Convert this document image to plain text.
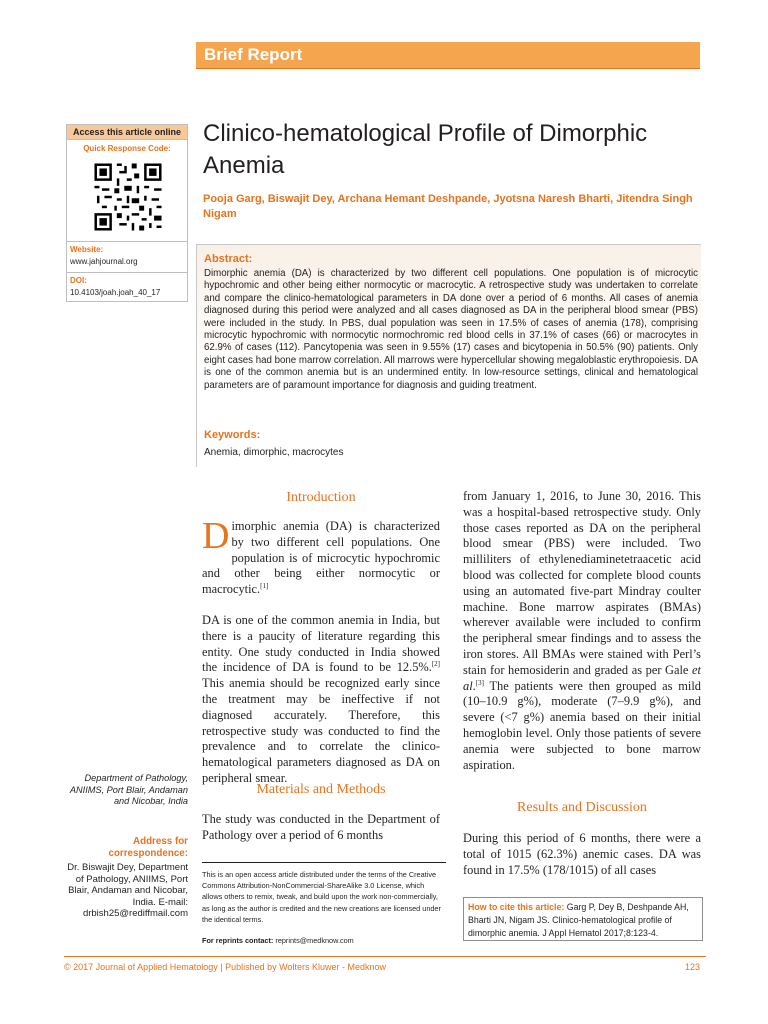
Brief Report
Access this article online
Quick Response Code:
Website:
www.jahjournal.org
DOI:
10.4103/joah.joah_40_17
Clinico-hematological Profile of Dimorphic Anemia
Pooja Garg, Biswajit Dey, Archana Hemant Deshpande, Jyotsna Naresh Bharti, Jitendra Singh Nigam
Abstract:
Dimorphic anemia (DA) is characterized by two different cell populations. One population is of microcytic hypochromic and other being either normocytic or macrocytic. A retrospective study was undertaken to correlate and compare the clinico-hematological parameters in DA done over a period of 6 months. All cases of anemia diagnosed during this period were analyzed and all cases diagnosed as DA in the peripheral blood smear (PBS) were included in the study. In PBS, dual population was seen in 17.5% of cases of anemia (178), comprising microcytic hypochromic with normocytic normochromic red blood cells in 37.1% of cases (66) or macrocytes in 62.9% of cases (112). Pancytopenia was seen in 9.55% (17) cases and bicytopenia in 50.5% (90) patients. Only eight cases had bone marrow correlation. All marrows were hypercellular showing megaloblastic erythropoiesis. DA is one of the common anemia but is an undermined entity. In low-resource settings, clinical and hematological parameters are of paramount importance for diagnosis and guiding treatment.
Keywords:
Anemia, dimorphic, macrocytes
Introduction

Dimorphic anemia (DA) is characterized by two different cell populations. One population is of microcytic hypochromic and other being either normocytic or macrocytic.[1]

DA is one of the common anemia in India, but there is a paucity of literature regarding this entity. One study conducted in India showed the incidence of DA is found to be 12.5%.[2] This anemia should be recognized early since the treatment may be ineffective if not diagnosed accurately. Therefore, this retrospective study was conducted to find the prevalence and to correlate the clinico-hematological parameters diagnosed as DA on peripheral smear.

Materials and Methods

The study was conducted in the Department of Pathology over a period of 6 months

from January 1, 2016, to June 30, 2016. This was a hospital-based retrospective study. Only those cases reported as DA on the peripheral blood smear (PBS) were included. Two milliliters of ethylenediaminetetraacetic acid blood was collected for complete blood counts using an automated five-part Mindray coulter machine. Bone marrow aspirates (BMAs) wherever available were included to confirm the peripheral smear findings and to assess the iron stores. All BMAs were stained with Perl’s stain for hemosiderin and graded as per Gale et al.[3] The patients were then grouped as mild (10–10.9 g%), moderate (7–9.9 g%), and severe (<7 g%) anemia based on their initial hemoglobin level. Only those patients of severe anemia were subjected to bone marrow aspiration.

Results and Discussion

During this period of 6 months, there were a total of 1015 (62.3%) anemic cases. DA was found in 17.5% (178/1015) of all cases

Department of Pathology, ANIIMS, Port Blair, Andaman and Nicobar, India
Address for correspondence:
Dr. Biswajit Dey, Department of Pathology, ANIIMS, Port Blair, Andaman and Nicobar, India. E-mail: drbish25@rediffmail.com
This is an open access article distributed under the terms of the Creative Commons Attribution-NonCommercial-ShareAlike 3.0 License, which allows others to remix, tweak, and build upon the work non-commercially, as long as the author is credited and the new creations are licensed under the identical terms.
For reprints contact: reprints@medknow.com
How to cite this article: Garg P, Dey B, Deshpande AH, Bharti JN, Nigam JS. Clinico-hematological profile of dimorphic anemia. J Appl Hematol 2017;8:123-4.
© 2017 Journal of Applied Hematology | Published by Wolters Kluwer - Medknow	123
